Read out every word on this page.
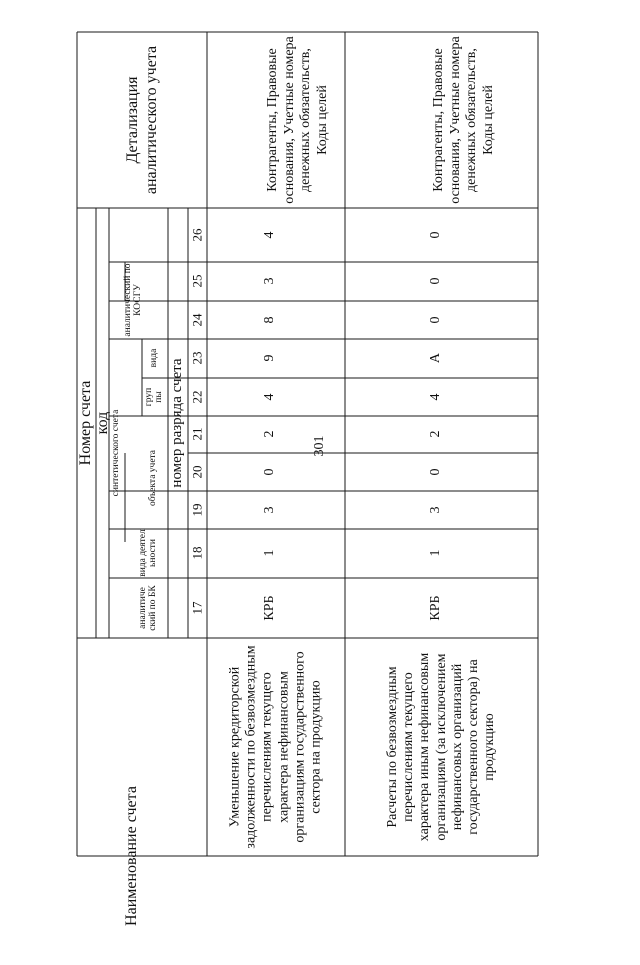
301
Наименование счета
Номер счета код
аналитиче ский по БК
вида деятел ьности
синтетического счета	объекта учета
груп пы
вида
аналитический по КОСГУ
номер разряда счета
Детализация аналитического учета
17
18
19
20
21
22
23
24
25
26
Уменьшение кредиторской задолженности по безвозмездным перечислениям текущего характера нефинансовым организациям государственного сектора на продукцию
КРБ
1
3
0
2
4
9
8
3
4
Контрагенты, Правовые основания, Учетные номера денежных обязательств, Коды целей
Расчеты по безвозмездным перечислениям текущего характера иным нефинансовым организациям (за исключением нефинансовых организаций государственного сектора) на продукцию
КРБ
1
3
0
2
4
А
0
0
0
Контрагенты, Правовые основания, Учетные номера денежных обязательств, Коды целей
